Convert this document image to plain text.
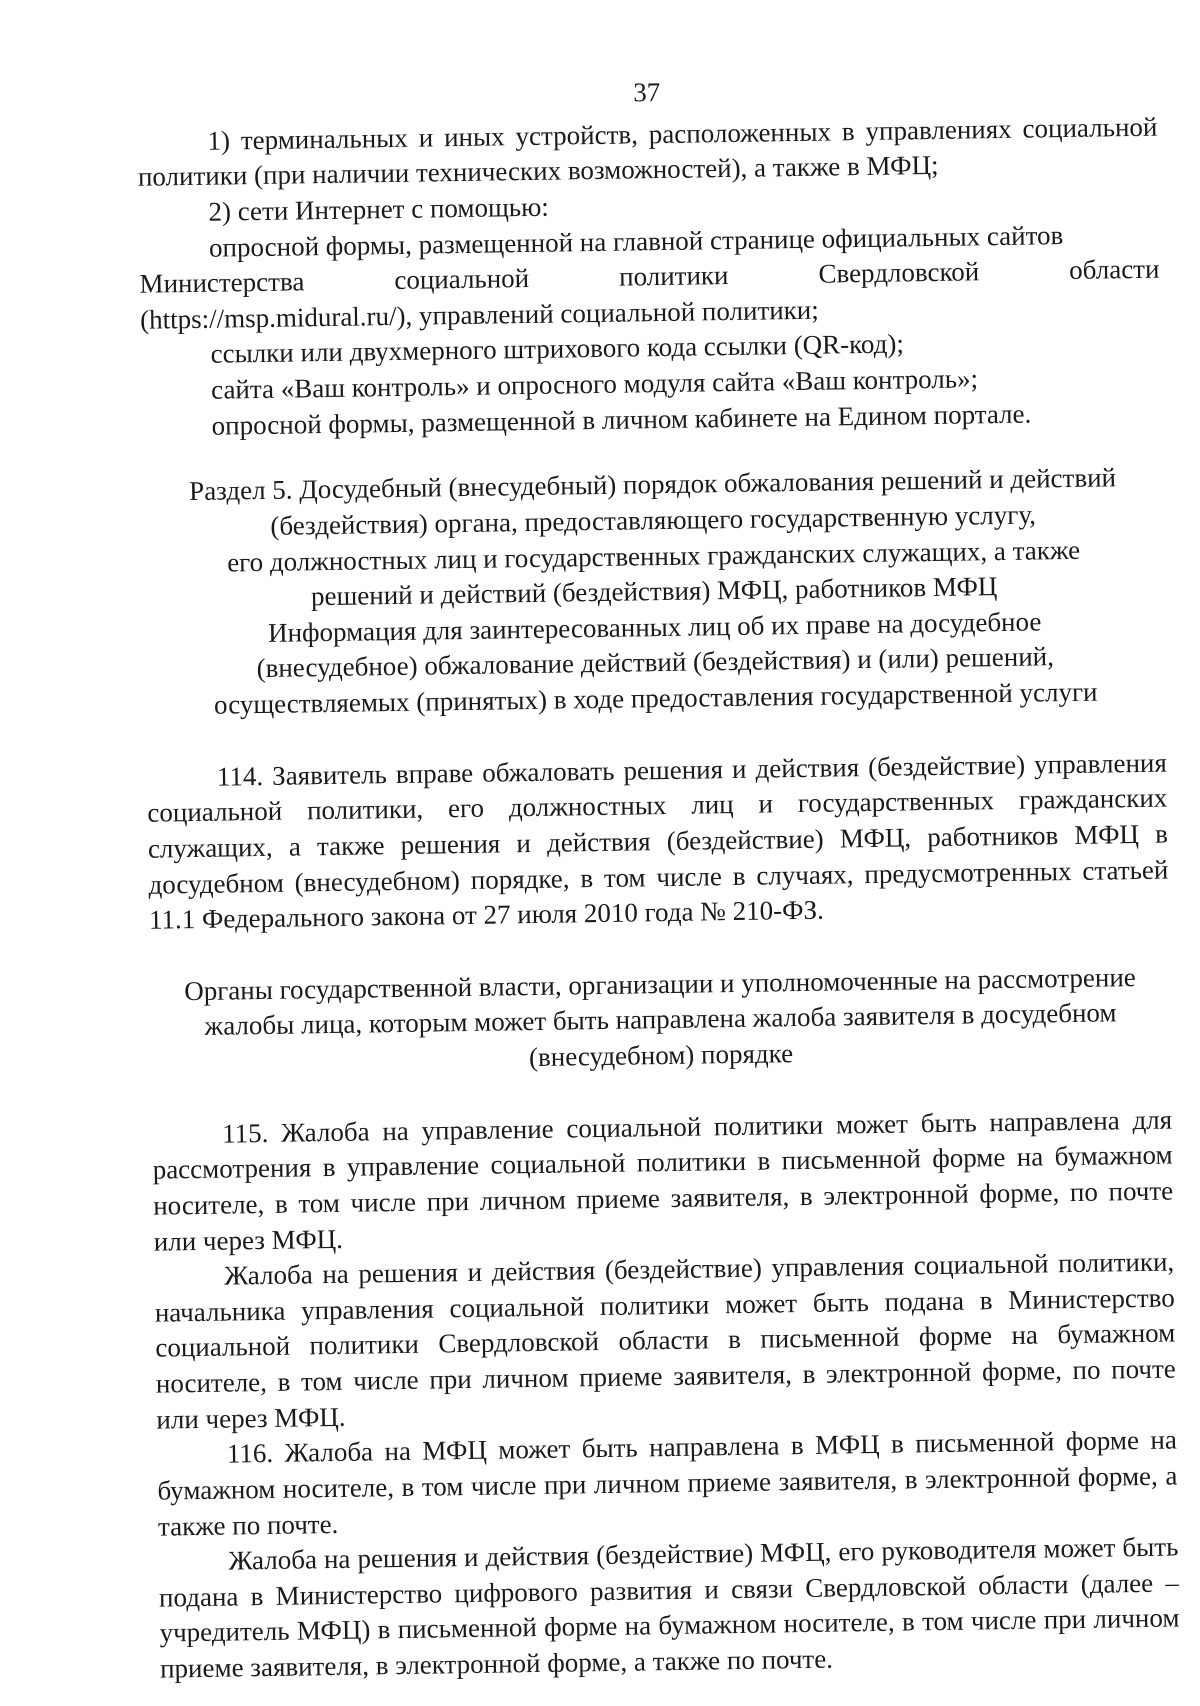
37

1) терминальных и иных устройств, расположенных в управлениях социальной политики (при наличии технических возможностей), а также в МФЦ;

2) сети Интернет с помощью:

опросной формы, размещенной на главной странице официальных сайтов

Министерства	социальной	политики	Свердловской	области

(https://msp.midural.ru/), управлений социальной политики;

ссылки или двухмерного штрихового кода ссылки (QR-код);

сайта «Ваш контроль» и опросного модуля сайта «Ваш контроль»;

опросной формы, размещенной в личном кабинете на Едином портале.

Раздел 5. Досудебный (внесудебный) порядок обжалования решений и действий
(бездействия) органа, предоставляющего государственную услугу,
его должностных лиц и государственных гражданских служащих, а также
решений и действий (бездействия) МФЦ, работников МФЦ
Информация для заинтересованных лиц об их праве на досудебное
(внесудебное) обжалование действий (бездействия) и (или) решений,
осуществляемых (принятых) в ходе предоставления государственной услуги

114. Заявитель вправе обжаловать решения и действия (бездействие) управления социальной политики, его должностных лиц и государственных гражданских служащих, а также решения и действия (бездействие) МФЦ, работников МФЦ в досудебном (внесудебном) порядке, в том числе в случаях, предусмотренных статьей 11.1 Федерального закона от 27 июля 2010 года № 210-ФЗ.

Органы государственной власти, организации и уполномоченные на рассмотрение
жалобы лица, которым может быть направлена жалоба заявителя в досудебном
(внесудебном) порядке

115. Жалоба на управление социальной политики может быть направлена для рассмотрения в управление социальной политики в письменной форме на бумажном носителе, в том числе при личном приеме заявителя, в электронной форме, по почте или через МФЦ.

Жалоба на решения и действия (бездействие) управления социальной политики, начальника управления социальной политики может быть подана в Министерство социальной политики Свердловской области в письменной форме на бумажном носителе, в том числе при личном приеме заявителя, в электронной форме, по почте или через МФЦ.

116. Жалоба на МФЦ может быть направлена в МФЦ в письменной форме на бумажном носителе, в том числе при личном приеме заявителя, в электронной форме, а также по почте.

Жалоба на решения и действия (бездействие) МФЦ, его руководителя может быть подана в Министерство цифрового развития и связи Свердловской области (далее – учредитель МФЦ) в письменной форме на бумажном носителе, в том числе при личном приеме заявителя, в электронной форме, а также по почте.
